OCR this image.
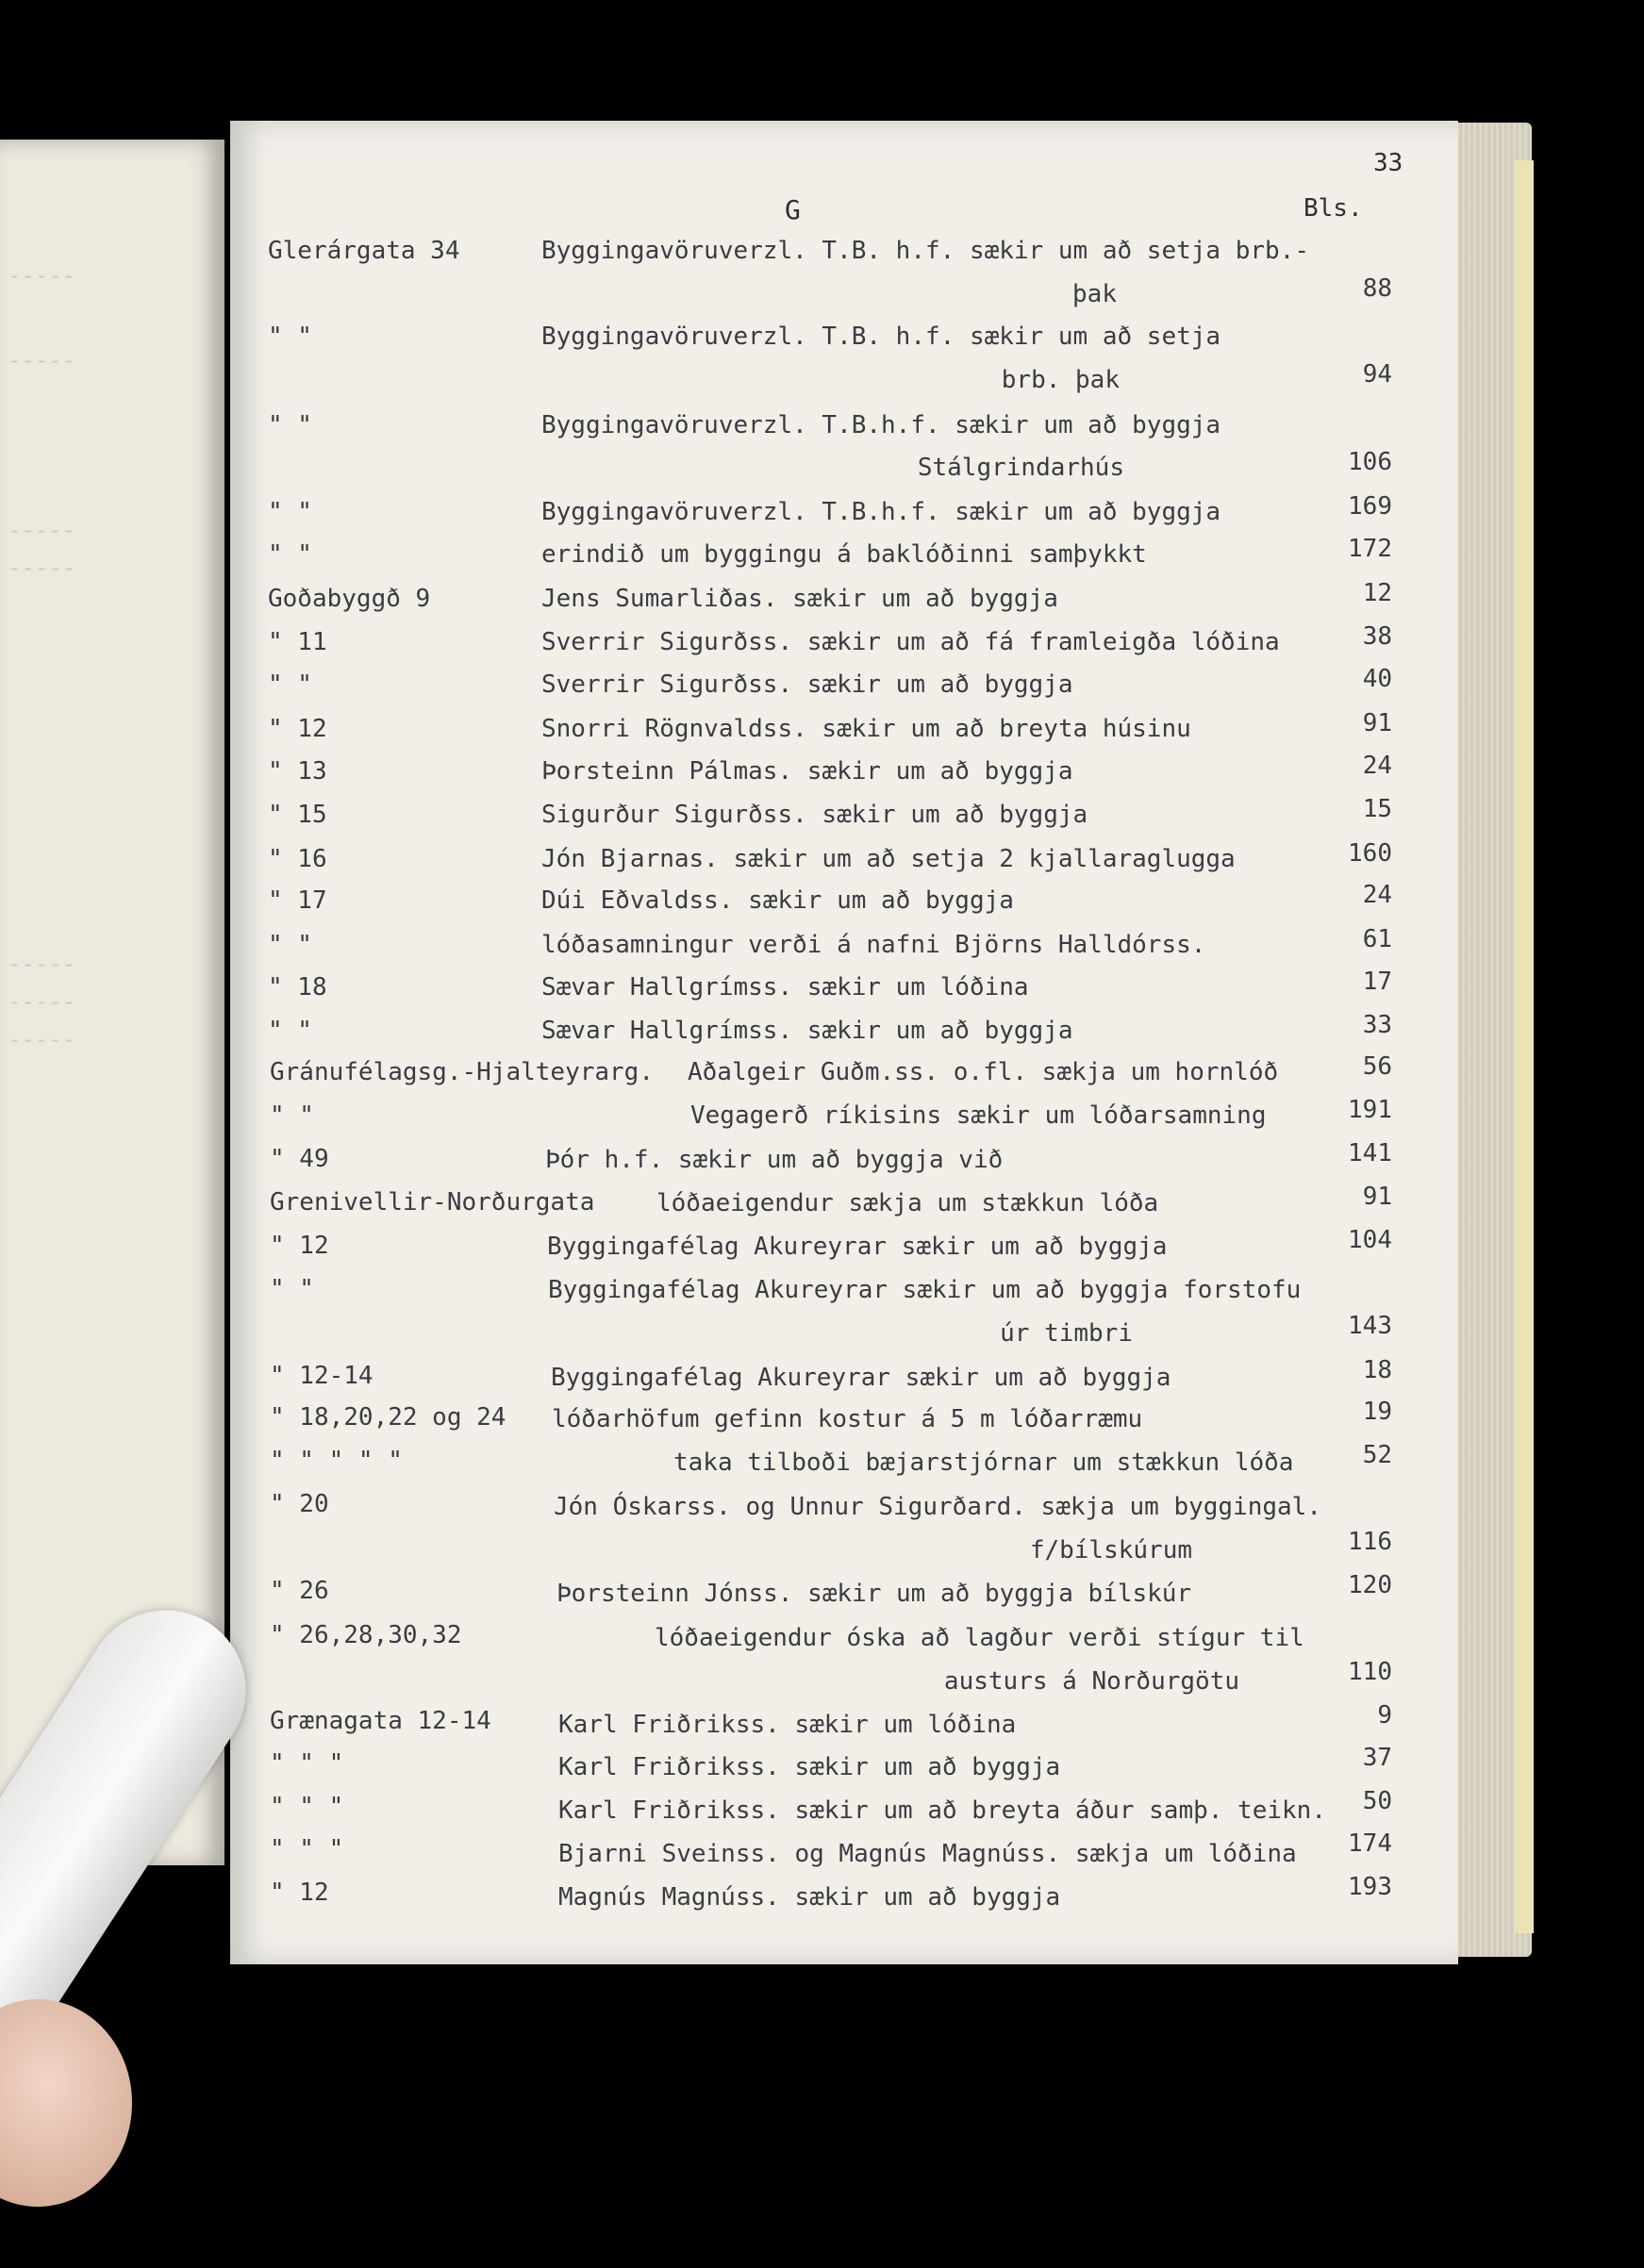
-----
-----
-----
-----
-----
-----
-----
33
G	Bls.
Glerárgata 34	Byggingavöruverzl. T.B. h.f. sækir um að setja brb.-
þak	88
" "	Byggingavöruverzl. T.B. h.f. sækir um að setja
brb. þak	94
" "	Byggingavöruverzl. T.B.h.f. sækir um að byggja
Stálgrindarhús	106
" "	Byggingavöruverzl. T.B.h.f. sækir um að byggja	169
" "	erindið um byggingu á baklóðinni samþykkt	172
Goðabyggð 9	Jens Sumarliðas. sækir um að byggja	12
" 11	Sverrir Sigurðss. sækir um að fá framleigða lóðina	38
" "	Sverrir Sigurðss. sækir um að byggja	40
" 12	Snorri Rögnvaldss. sækir um að breyta húsinu	91
" 13	Þorsteinn Pálmas. sækir um að byggja	24
" 15	Sigurður Sigurðss. sækir um að byggja	15
" 16	Jón Bjarnas. sækir um að setja 2 kjallaraglugga	160
" 17	Dúi Eðvaldss. sækir um að byggja	24
" "	lóðasamningur verði á nafni Björns Halldórss.	61
" 18	Sævar Hallgrímss. sækir um lóðina	17
" "	Sævar Hallgrímss. sækir um að byggja	33
Gránufélagsg.-Hjalteyrarg. Aðalgeir Guðm.ss. o.fl. sækja um hornlóð	56
" "	Vegagerð ríkisins sækir um lóðarsamning	191
" 49	Þór h.f. sækir um að byggja við	141
Grenivellir-Norðurgata	lóðaeigendur sækja um stækkun lóða	91
" 12	Byggingafélag Akureyrar sækir um að byggja	104
" "	Byggingafélag Akureyrar sækir um að byggja forstofu
úr timbri	143
" 12-14	Byggingafélag Akureyrar sækir um að byggja	18
" 18,20,22 og 24 lóðarhöfum gefinn kostur á 5 m lóðarræmu	19
" " " " "	taka tilboði bæjarstjórnar um stækkun lóða	52
" 20	Jón Óskarss. og Unnur Sigurðard. sækja um byggingal.
f/bílskúrum	116
" 26	Þorsteinn Jónss. sækir um að byggja bílskúr	120
" 26,28,30,32	lóðaeigendur óska að lagður verði stígur til
austurs á Norðurgötu	110
Grænagata 12-14	Karl Friðrikss. sækir um lóðina	9
" " "	Karl Friðrikss. sækir um að byggja	37
" " "	Karl Friðrikss. sækir um að breyta áður samþ. teikn. 50
" " "	Bjarni Sveinss. og Magnús Magnúss. sækja um lóðina 174
" 12	Magnús Magnúss. sækir um að byggja	193
